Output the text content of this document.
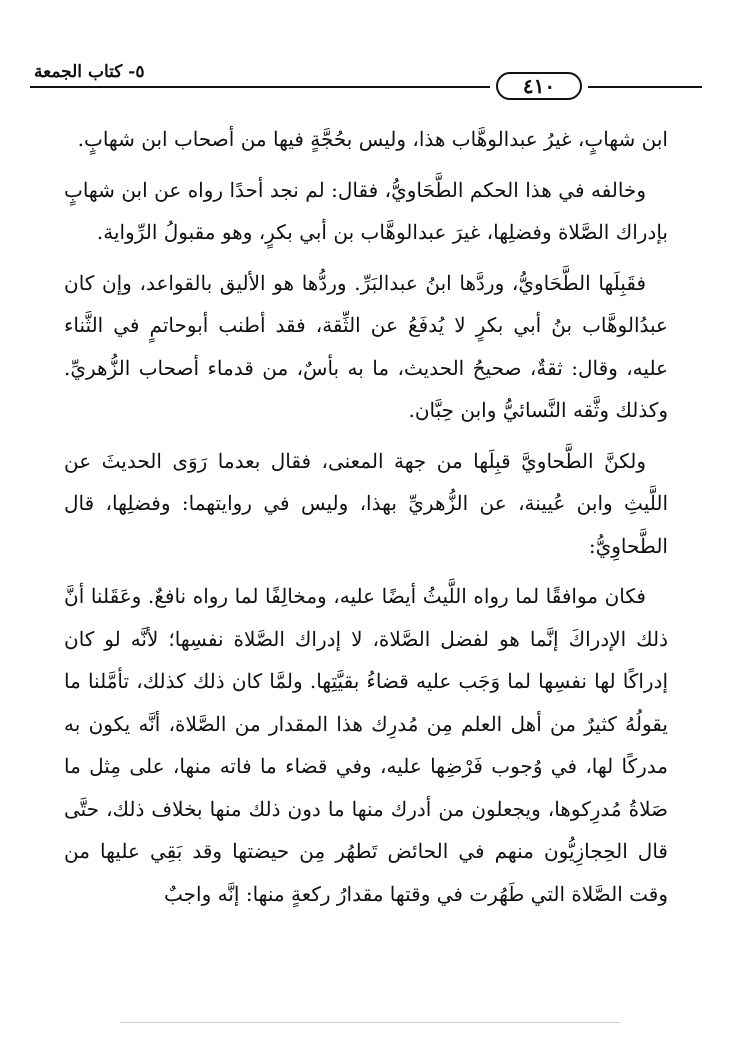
٤١٠
٥- كتاب الجمعة

ابن شهابٍ، غيرُ عبدالوهَّاب هذا، وليس بحُجَّةٍ فيها من أصحاب ابن شهابٍ.

وخالفه في هذا الحكم الطَّحَاويُّ، فقال: لم نجد أحدًا رواه عن ابن شهابٍ بإدراك الصَّلاة وفضلِها، غيرَ عبدالوهَّاب بن أبي بكرٍ، وهو مقبولُ الرِّواية.

فقَبِلَها الطَّحَاويُّ، وردَّها ابنُ عبدالبَرِّ. وردُّها هو الأليق بالقواعد، وإن كان عبدُالوهَّاب بنُ أبي بكرٍ لا يُدفَعُ عن الثِّقة، فقد أطنب أبوحاتمٍ في الثَّناء عليه، وقال: ثقةٌ، صحيحُ الحديث، ما به بأسٌ، من قدماء أصحاب الزُّهريِّ. وكذلك وثَّقه النَّسائيُّ وابن حِبَّان.

ولكنَّ الطَّحاويَّ قبِلَها من جهة المعنى، فقال بعدما رَوَى الحديثَ عن اللَّيثِ وابن عُيينة، عن الزُّهريِّ بهذا، وليس في روايتهما: وفضلِها، قال الطَّحاوِيُّ:

فكان موافقًا لما رواه اللَّيثُ أيضًا عليه، ومخالِفًا لما رواه نافعٌ. وعَقَلنا أنَّ ذلك الإدراكَ إنَّما هو لفضل الصَّلاة، لا إدراك الصَّلاة نفسِها؛ لأنَّه لو كان إدراكًا لها نفسِها لما وَجَب عليه قضاءُ بقيَّتِها. ولمَّا كان ذلك كذلك، تأمَّلنا ما يقولُهُ كثيرٌ من أهل العلم مِن مُدرِك هذا المقدار من الصَّلاة، أنَّه يكون به مدركًا لها، في وُجوب فَرْضِها عليه، وفي قضاء ما فاته منها، على مِثل ما صَلاةُ مُدرِكوها، ويجعلون من أدرك منها ما دون ذلك منها بخلاف ذلك، حتَّى قال الحِجازِيُّون منهم في الحائض تَطهُر مِن حيضتها وقد بَقِي عليها من وقت الصَّلاة التي طَهُرت في وقتها مقدارُ ركعةٍ منها: إنَّه واجبٌ
